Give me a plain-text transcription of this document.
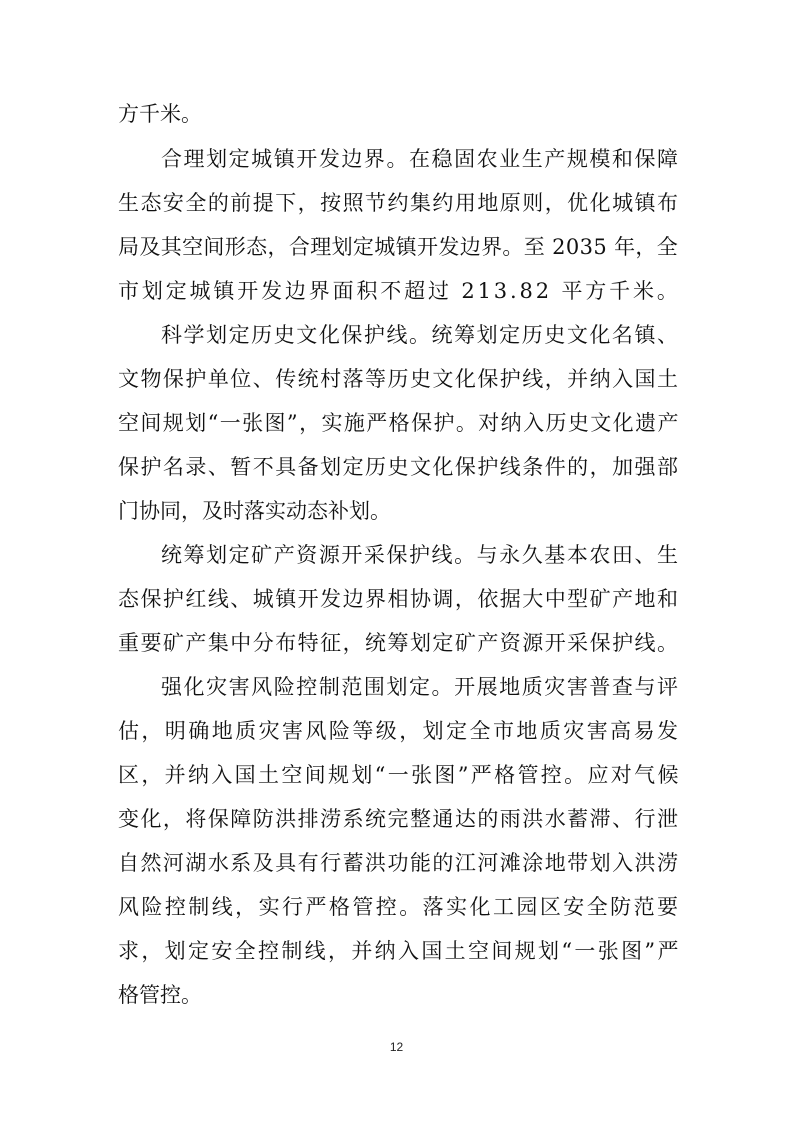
方千米。
合理划定城镇开发边界。在稳固农业生产规模和保障
生态安全的前提下，按照节约集约用地原则，优化城镇布
局及其空间形态，合理划定城镇开发边界。至 2035 年，全
市划定城镇开发边界面积不超过 213.82 平方千米。
科学划定历史文化保护线。统筹划定历史文化名镇、
文物保护单位、传统村落等历史文化保护线，并纳入国土
空间规划“一张图”，实施严格保护。对纳入历史文化遗产
保护名录、暂不具备划定历史文化保护线条件的，加强部
门协同，及时落实动态补划。
统筹划定矿产资源开采保护线。与永久基本农田、生
态保护红线、城镇开发边界相协调，依据大中型矿产地和
重要矿产集中分布特征，统筹划定矿产资源开采保护线。
强化灾害风险控制范围划定。开展地质灾害普查与评
估，明确地质灾害风险等级，划定全市地质灾害高易发
区，并纳入国土空间规划“一张图”严格管控。应对气候
变化，将保障防洪排涝系统完整通达的雨洪水蓄滞、行泄
自然河湖水系及具有行蓄洪功能的江河滩涂地带划入洪涝
风险控制线，实行严格管控。落实化工园区安全防范要
求，划定安全控制线，并纳入国土空间规划“一张图”严
格管控。
12
